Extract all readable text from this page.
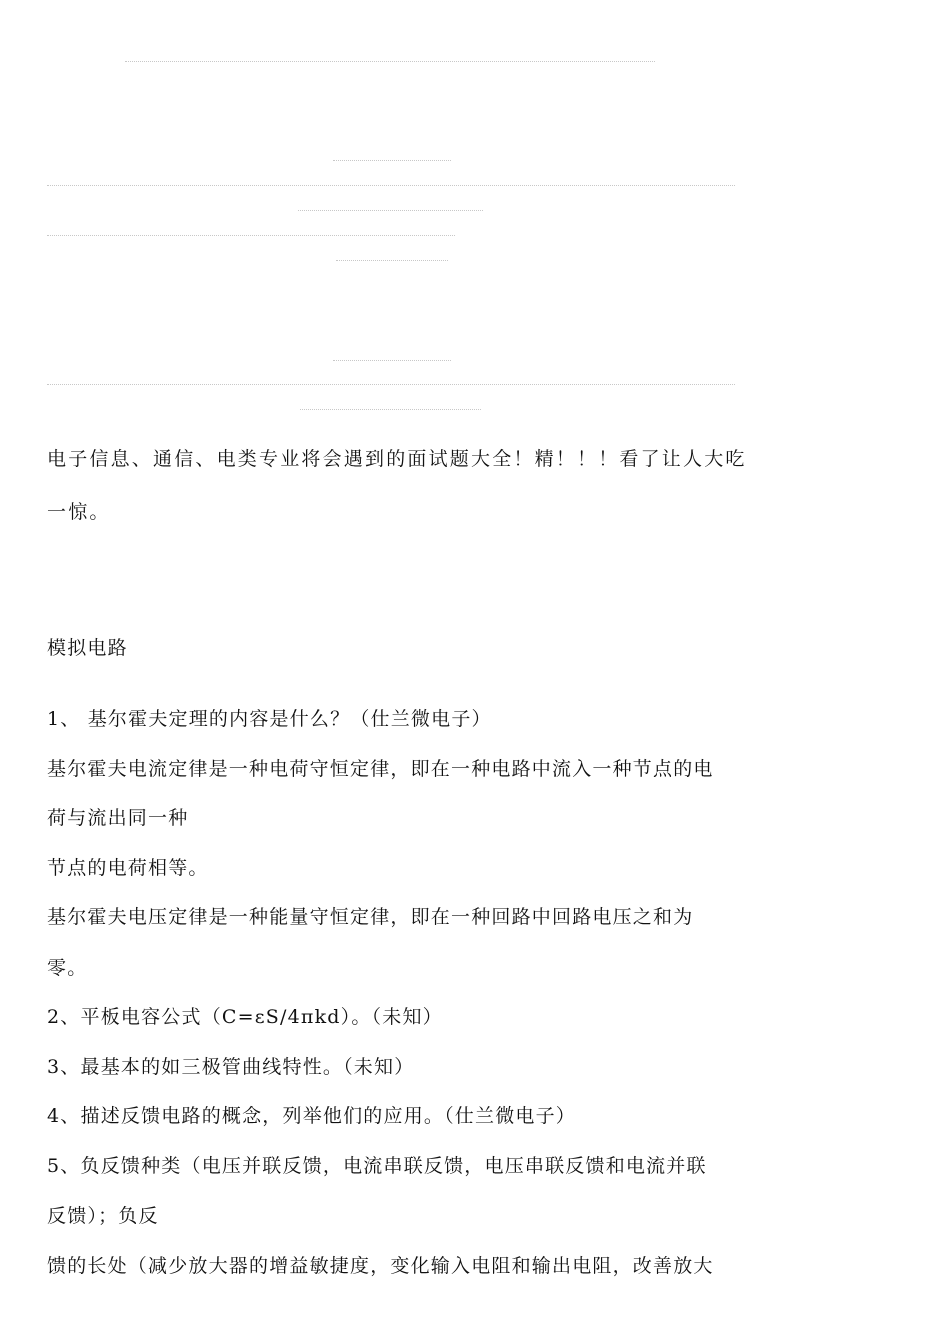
电子信息、通信、电类专业将会遇到的面试题大全！精！！！看了让人大吃
一惊。
模拟电路
1、 基尔霍夫定理的内容是什么？（仕兰微电子）
基尔霍夫电流定律是一种电荷守恒定律，即在一种电路中流入一种节点的电
荷与流出同一种
节点的电荷相等。
基尔霍夫电压定律是一种能量守恒定律，即在一种回路中回路电压之和为
零。
2、平板电容公式（C=εS/4πkd）。（未知）
3、最基本的如三极管曲线特性。（未知）
4、描述反馈电路的概念，列举他们的应用。（仕兰微电子）
5、负反馈种类（电压并联反馈，电流串联反馈，电压串联反馈和电流并联
反馈）；负反
馈的长处（减少放大器的增益敏捷度，变化输入电阻和输出电阻，改善放大
